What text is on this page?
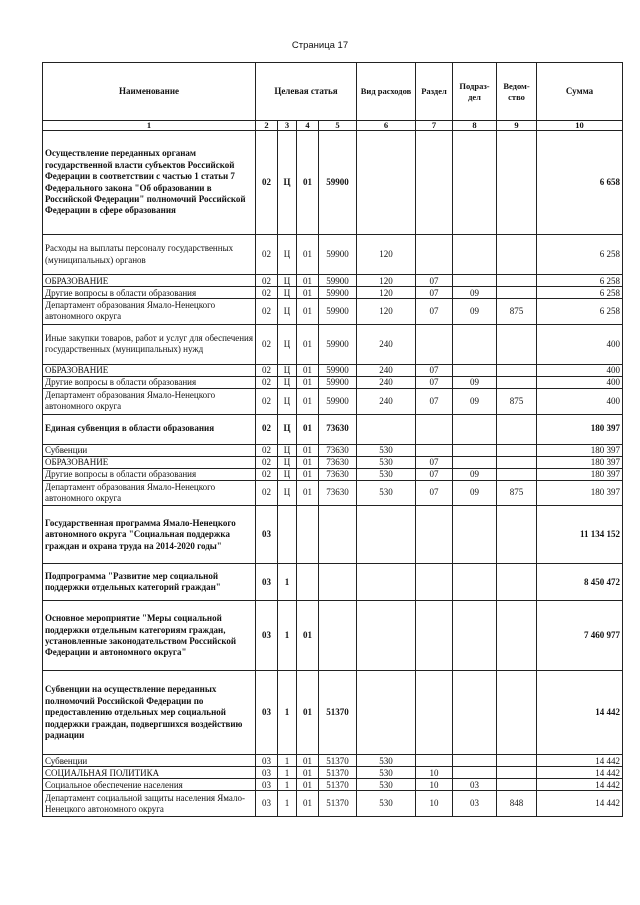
Страница 17
Наименование	Целевая статья				Вид расходов	Раздел	Подраз-дел	Ведом-ство	Сумма
1	2	3	4	5	6	7	8	9	10
Осуществление переданных органам государственной власти субъектов Российской Федерации в соответствии с частью 1 статьи 7 Федерального закона "Об образовании в Российской Федерации" полномочий Российской Федерации в сфере образования	02	Ц	01	59900					6 658
Расходы на выплаты персоналу государственных (муниципальных) органов	02	Ц	01	59900	120				6 258
ОБРАЗОВАНИЕ	02	Ц	01	59900	120	07			6 258
Другие вопросы в области образования	02	Ц	01	59900	120	07	09		6 258
Департамент образования Ямало-Ненецкого автономного округа	02	Ц	01	59900	120	07	09	875	6 258
Иные закупки товаров, работ и услуг для обеспечения государственных (муниципальных) нужд	02	Ц	01	59900	240				400
ОБРАЗОВАНИЕ	02	Ц	01	59900	240	07			400
Другие вопросы в области образования	02	Ц	01	59900	240	07	09		400
Департамент образования Ямало-Ненецкого автономного округа	02	Ц	01	59900	240	07	09	875	400
Единая субвенция в области образования	02	Ц	01	73630					180 397
Субвенции	02	Ц	01	73630	530				180 397
ОБРАЗОВАНИЕ	02	Ц	01	73630	530	07			180 397
Другие вопросы в области образования	02	Ц	01	73630	530	07	09		180 397
Департамент образования Ямало-Ненецкого автономного округа	02	Ц	01	73630	530	07	09	875	180 397
Государственная программа Ямало-Ненецкого автономного округа "Социальная поддержка граждан и охрана труда на 2014-2020 годы"	03								11 134 152
Подпрограмма "Развитие мер социальной поддержки отдельных категорий граждан"	03	1							8 450 472
Основное мероприятие "Меры социальной поддержки отдельным категориям граждан, установленные законодательством Российской Федерации и автономного округа"	03	1	01						7 460 977
Субвенции на осуществление переданных полномочий Российской Федерации по предоставлению отдельных мер социальной поддержки граждан, подвергшихся воздействию радиации	03	1	01	51370					14 442
Субвенции	03	1	01	51370	530				14 442
СОЦИАЛЬНАЯ ПОЛИТИКА	03	1	01	51370	530	10			14 442
Социальное обеспечение населения	03	1	01	51370	530	10	03		14 442
Департамент социальной защиты населения Ямало-Ненецкого автономного округа	03	1	01	51370	530	10	03	848	14 442
